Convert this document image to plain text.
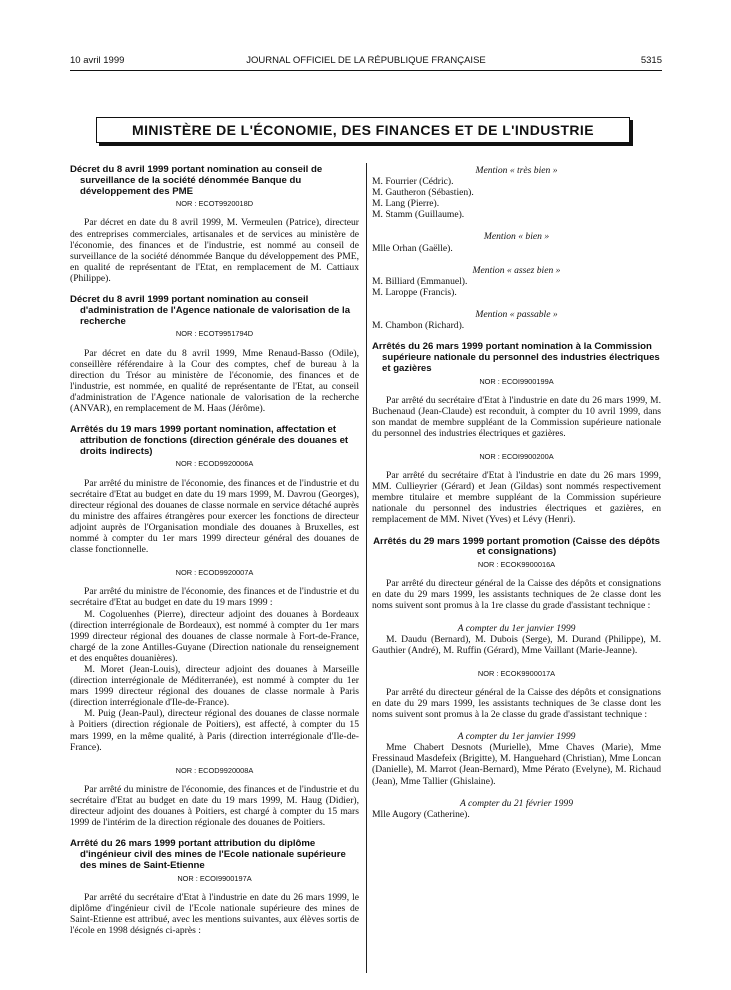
10 avril 1999	JOURNAL OFFICIEL DE LA RÉPUBLIQUE FRANÇAISE	5315
MINISTÈRE DE L'ÉCONOMIE, DES FINANCES ET DE L'INDUSTRIE

Décret du 8 avril 1999 portant nomination au conseil de surveillance de la société dénommée Banque du développement des PME

NOR : ECOT9920018D

Par décret en date du 8 avril 1999, M. Vermeulen (Patrice), directeur des entreprises commerciales, artisanales et de services au ministère de l'économie, des finances et de l'industrie, est nommé au conseil de surveillance de la société dénommée Banque du développement des PME, en qualité de représentant de l'Etat, en remplacement de M. Cattiaux (Philippe).

Décret du 8 avril 1999 portant nomination au conseil d'administration de l'Agence nationale de valorisation de la recherche

NOR : ECOT9951794D

Par décret en date du 8 avril 1999, Mme Renaud-Basso (Odile), conseillère référendaire à la Cour des comptes, chef de bureau à la direction du Trésor au ministère de l'économie, des finances et de l'industrie, est nommée, en qualité de représentante de l'Etat, au conseil d'administration de l'Agence nationale de valorisation de la recherche (ANVAR), en remplacement de M. Haas (Jérôme).

Arrêtés du 19 mars 1999 portant nomination, affectation et attribution de fonctions (direction générale des douanes et droits indirects)

NOR : ECOD9920006A

Par arrêté du ministre de l'économie, des finances et de l'industrie et du secrétaire d'Etat au budget en date du 19 mars 1999, M. Davrou (Georges), directeur régional des douanes de classe normale en service détaché auprès du ministre des affaires étrangères pour exercer les fonctions de directeur adjoint auprès de l'Organisation mondiale des douanes à Bruxelles, est nommé à compter du 1er mars 1999 directeur général des douanes de classe fonctionnelle.

NOR : ECOD9920007A

Par arrêté du ministre de l'économie, des finances et de l'industrie et du secrétaire d'Etat au budget en date du 19 mars 1999 :

M. Cogoluenhes (Pierre), directeur adjoint des douanes à Bordeaux (direction interrégionale de Bordeaux), est nommé à compter du 1er mars 1999 directeur régional des douanes de classe normale à Fort-de-France, chargé de la zone Antilles-Guyane (Direction nationale du renseignement et des enquêtes douanières).

M. Moret (Jean-Louis), directeur adjoint des douanes à Marseille (direction interrégionale de Méditerranée), est nommé à compter du 1er mars 1999 directeur régional des douanes de classe normale à Paris (direction interrégionale d'Ile-de-France).

M. Puig (Jean-Paul), directeur régional des douanes de classe normale à Poitiers (direction régionale de Poitiers), est affecté, à compter du 15 mars 1999, en la même qualité, à Paris (direction interrégionale d'Ile-de-France).

NOR : ECOD9920008A

Par arrêté du ministre de l'économie, des finances et de l'industrie et du secrétaire d'Etat au budget en date du 19 mars 1999, M. Haug (Didier), directeur adjoint des douanes à Poitiers, est chargé à compter du 15 mars 1999 de l'intérim de la direction régionale des douanes de Poitiers.

Arrêté du 26 mars 1999 portant attribution du diplôme d'ingénieur civil des mines de l'Ecole nationale supérieure des mines de Saint-Etienne

NOR : ECOI9900197A

Par arrêté du secrétaire d'Etat à l'industrie en date du 26 mars 1999, le diplôme d'ingénieur civil de l'Ecole nationale supérieure des mines de Saint-Etienne est attribué, avec les mentions suivantes, aux élèves sortis de l'école en 1998 désignés ci-après :

Mention « très bien »

M. Fourrier (Cédric).

M. Gautheron (Sébastien).

M. Lang (Pierre).

M. Stamm (Guillaume).

Mention « bien »

Mlle Orhan (Gaëlle).

Mention « assez bien »

M. Billiard (Emmanuel).

M. Laroppe (Francis).

Mention « passable »

M. Chambon (Richard).

Arrêtés du 26 mars 1999 portant nomination à la Commission supérieure nationale du personnel des industries électriques et gazières

NOR : ECOI9900199A

Par arrêté du secrétaire d'Etat à l'industrie en date du 26 mars 1999, M. Buchenaud (Jean-Claude) est reconduit, à compter du 10 avril 1999, dans son mandat de membre suppléant de la Commission supérieure nationale du personnel des industries électriques et gazières.

NOR : ECOI9900200A

Par arrêté du secrétaire d'Etat à l'industrie en date du 26 mars 1999, MM. Cullieyrier (Gérard) et Jean (Gildas) sont nommés respectivement membre titulaire et membre suppléant de la Commission supérieure nationale du personnel des industries électriques et gazières, en remplacement de MM. Nivet (Yves) et Lévy (Henri).

Arrêtés du 29 mars 1999 portant promotion (Caisse des dépôts et consignations)

NOR : ECOK9900016A

Par arrêté du directeur général de la Caisse des dépôts et consignations en date du 29 mars 1999, les assistants techniques de 2e classe dont les noms suivent sont promus à la 1re classe du grade d'assistant technique :

A compter du 1er janvier 1999

M. Daudu (Bernard), M. Dubois (Serge), M. Durand (Philippe), M. Gauthier (André), M. Ruffin (Gérard), Mme Vaillant (Marie-Jeanne).

NOR : ECOK9900017A

Par arrêté du directeur général de la Caisse des dépôts et consignations en date du 29 mars 1999, les assistants techniques de 3e classe dont les noms suivent sont promus à la 2e classe du grade d'assistant technique :

A compter du 1er janvier 1999

Mme Chabert Desnots (Murielle), Mme Chaves (Marie), Mme Fressinaud Masdefeix (Brigitte), M. Hanguehard (Christian), Mme Loncan (Danielle), M. Marrot (Jean-Bernard), Mme Pérato (Evelyne), M. Richaud (Jean), Mme Tallier (Ghislaine).

A compter du 21 février 1999

Mlle Augory (Catherine).
